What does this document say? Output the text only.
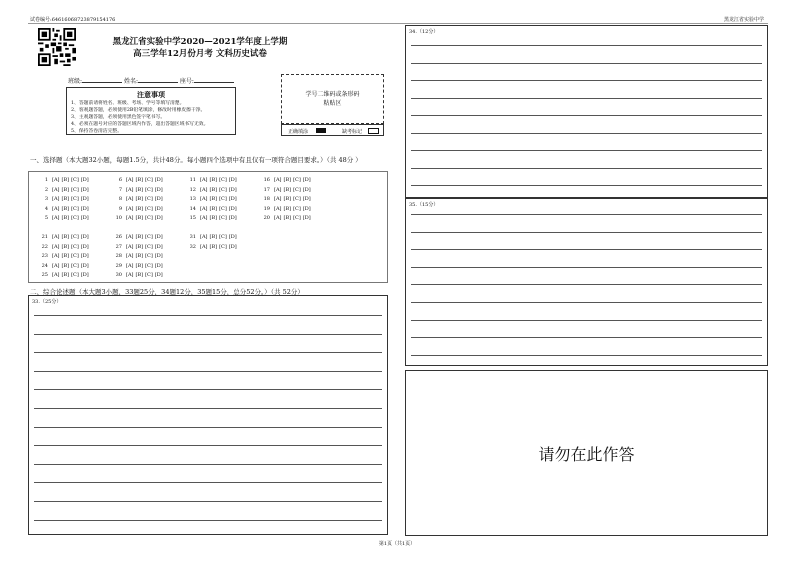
试卷编号:6461606872387915417​6	黑龙江省实验中学
黑龙江省实验中学2020—2021学年度上学期
高三学年12月份月考 文科历史试卷
班级:	姓名:	座号:
注意事项
1、答题前请将姓名、班级、考场、学号等填写清楚。
2、客观题答题，必须使用2B铅笔填涂，修改时用橡皮擦干净。
3、主观题答题，必须使用黑色签字笔书写。
4、必须在题号对应的答题区域内作答，超出答题区域书写无效。
5、保持答卷清洁完整。
学号二维码或条形码
粘贴区
正确填涂	缺考标记
一、选择题（本大题32小题，每题1.5分，共计48分。每小题四个选项中有且仅有一项符合题目要求。）（共 48分 ）
1 [A] [B] [C] [D]	6 [A] [B] [C] [D]	11 [A] [B] [C] [D]	16 [A] [B] [C] [D]
2 [A] [B] [C] [D]	7 [A] [B] [C] [D]	12 [A] [B] [C] [D]	17 [A] [B] [C] [D]
3 [A] [B] [C] [D]	8 [A] [B] [C] [D]	13 [A] [B] [C] [D]	18 [A] [B] [C] [D]
4 [A] [B] [C] [D]	9 [A] [B] [C] [D]	14 [A] [B] [C] [D]	19 [A] [B] [C] [D]
5 [A] [B] [C] [D]	10 [A] [B] [C] [D]	15 [A] [B] [C] [D]	20 [A] [B] [C] [D]
21 [A] [B] [C] [D]	26 [A] [B] [C] [D]	31 [A] [B] [C] [D]
22 [A] [B] [C] [D]	27 [A] [B] [C] [D]	32 [A] [B] [C] [D]
23 [A] [B] [C] [D]	28 [A] [B] [C] [D]
24 [A] [B] [C] [D]	29 [A] [B] [C] [D]
25 [A] [B] [C] [D]	30 [A] [B] [C] [D]
二、综合论述题（本大题3小题，33题25分，34题12分，35题15分，总分52分。）（共 52分）
33.（25分）
34.（12分）
35.（15分）
请勿在此作答
第1页（共1页）
